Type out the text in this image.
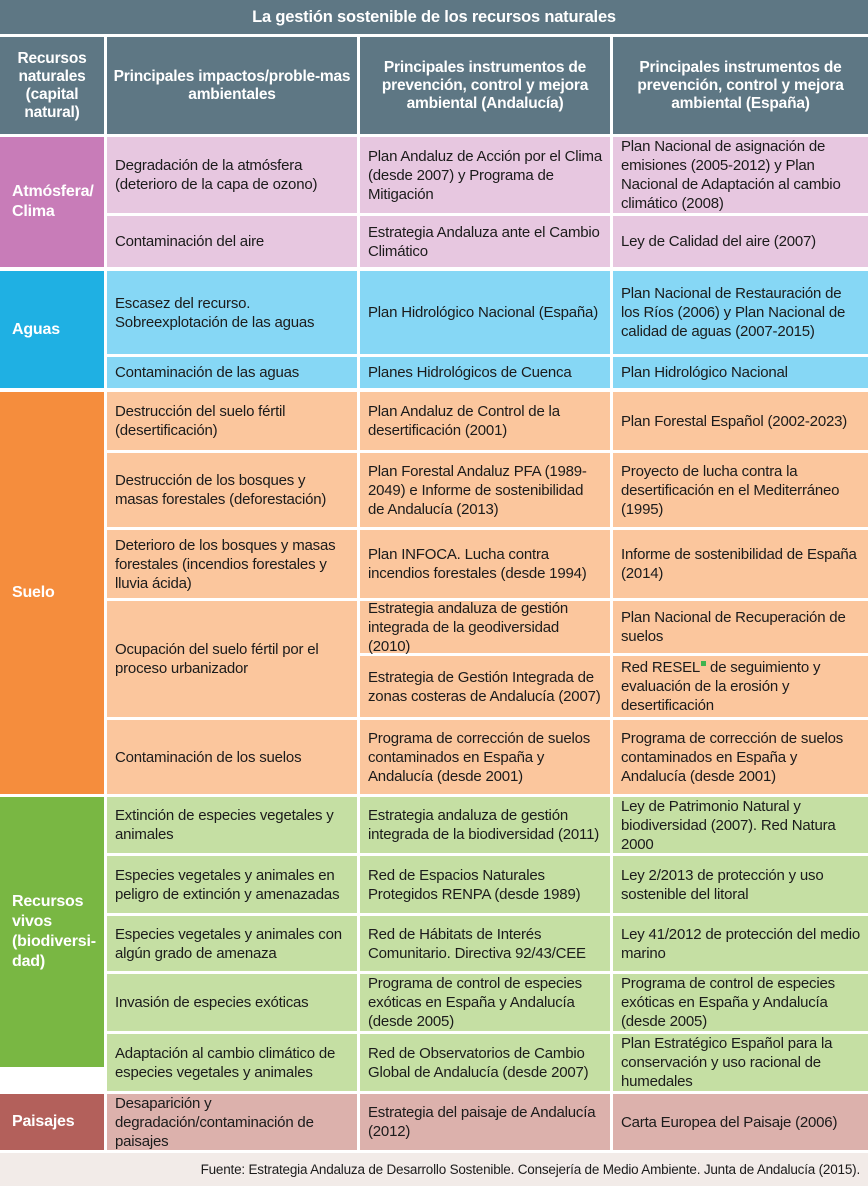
La gestión sostenible de los recursos naturales
Recursos naturales (capital natural)
Principales impactos/proble-mas ambientales
Principales instrumentos de prevención, control y mejora ambiental (Andalucía)
Principales instrumentos de prevención, control y mejora ambiental (España)
Atmósfera/ Clima
Degradación de la atmósfera (deterioro de la capa de ozono)
Plan Andaluz de Acción por el Clima (desde 2007) y Programa de Mitigación
Plan Nacional de asignación de emisiones (2005-2012) y Plan Nacional de Adaptación al cambio climático (2008)
Contaminación del aire
Estrategia Andaluza ante el Cambio Climático
Ley de Calidad del aire (2007)
Aguas
Escasez del recurso. Sobreexplotación de las aguas
Plan Hidrológico Nacional (España)
Plan Nacional de Restauración de los Ríos (2006) y Plan Nacional de calidad de aguas (2007-2015)
Contaminación de las aguas	Planes Hidrológicos de Cuenca	Plan Hidrológico Nacional
Suelo
Destrucción del suelo fértil (desertificación)
Plan Andaluz de Control de la desertificación (2001)
Plan Forestal Español (2002-2023)
Destrucción de los bosques y masas forestales (deforestación)
Plan Forestal Andaluz PFA (1989-2049) e Informe de sostenibilidad de Andalucía (2013)
Proyecto de lucha contra la desertificación en el Mediterráneo (1995)
Deterioro de los bosques y masas forestales (incendios forestales y lluvia ácida)
Plan INFOCA. Lucha contra incendios forestales (desde 1994)
Informe de sostenibilidad de España (2014)
Ocupación del suelo fértil por el proceso urbanizador
Estrategia andaluza de gestión integrada de la geodiversidad (2010)
Plan Nacional de Recuperación de suelos
Estrategia de Gestión Integrada de zonas costeras de Andalucía (2007)
Red RESEL de seguimiento y evaluación de la erosión y desertificación
Contaminación de los suelos
Programa de corrección de suelos contaminados en España y Andalucía (desde 2001)
Programa de corrección de suelos contaminados en España y Andalucía (desde 2001)
Recursos vivos (biodiversi-dad)
Extinción de especies vegetales y animales
Estrategia andaluza de gestión integrada de la biodiversidad (2011)
Ley de Patrimonio Natural y biodiversidad (2007). Red Natura 2000
Especies vegetales y animales en peligro de extinción y amenazadas
Red de Espacios Naturales Protegidos RENPA (desde 1989)
Ley 2/2013 de protección y uso sostenible del litoral
Especies vegetales y animales con algún grado de amenaza
Red de Hábitats de Interés Comunitario. Directiva 92/43/CEE
Ley 41/2012 de protección del medio marino
Invasión de especies exóticas
Programa de control de especies exóticas en España y Andalucía (desde 2005)
Programa de control de especies exóticas en España y Andalucía (desde 2005)
Adaptación al cambio climático de especies vegetales y animales
Red de Observatorios de Cambio Global de Andalucía (desde 2007)
Plan Estratégico Español para la conservación y uso racional de humedales
Paisajes
Desaparición y degradación/contaminación de paisajes
Estrategia del paisaje de Andalucía (2012)
Carta Europea del Paisaje (2006)
Fuente: Estrategia Andaluza de Desarrollo Sostenible. Consejería de Medio Ambiente. Junta de Andalucía (2015).
